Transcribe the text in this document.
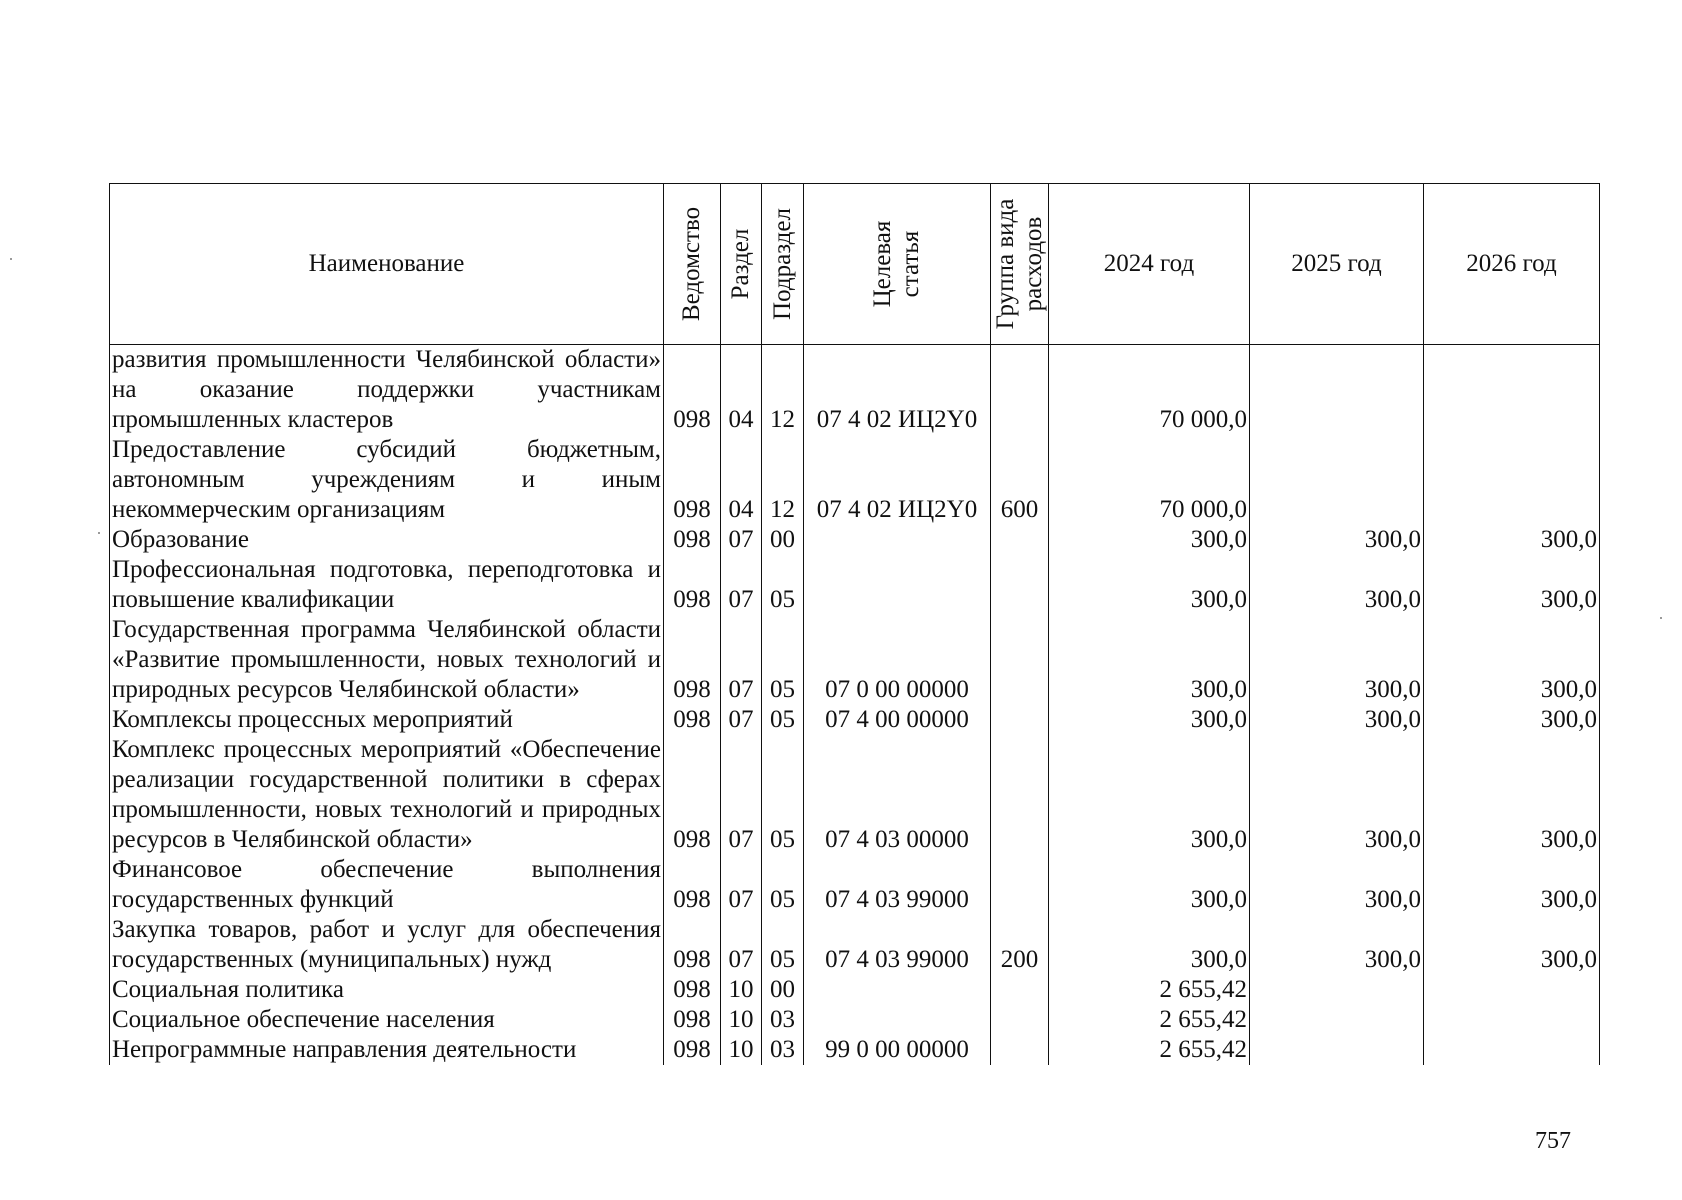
Наименование	Ведомство	Раздел	Подраздел	Целевая статья	Группа вида расходов	2024 год	2025 год	2026 год
развития промышленности Челябинской области» на оказание поддержки участникам промышленных кластеров	098	04	12	07 4 02 ИЦ2Y0		70 000,0		
Предоставление субсидий бюджетным, автономным учреждениям и иным некоммерческим организациям	098	04	12	07 4 02 ИЦ2Y0	600	70 000,0		
Образование	098	07	00			300,0	300,0	300,0
Профессиональная подготовка, переподготовка и повышение квалификации	098	07	05			300,0	300,0	300,0
Государственная программа Челябинской области «Развитие промышленности, новых технологий и природных ресурсов Челябинской области»	098	07	05	07 0 00 00000		300,0	300,0	300,0
Комплексы процессных мероприятий	098	07	05	07 4 00 00000		300,0	300,0	300,0
Комплекс процессных мероприятий «Обеспечение реализации государственной политики в сферах промышленности, новых технологий и природных ресурсов в Челябинской области»	098	07	05	07 4 03 00000		300,0	300,0	300,0
Финансовое обеспечение выполнения государственных функций	098	07	05	07 4 03 99000		300,0	300,0	300,0
Закупка товаров, работ и услуг для обеспечения государственных (муниципальных) нужд	098	07	05	07 4 03 99000	200	300,0	300,0	300,0
Социальная политика	098	10	00			2 655,42		
Социальное обеспечение населения	098	10	03			2 655,42		
Непрограммные направления деятельности	098	10	03	99 0 00 00000		2 655,42		
757
